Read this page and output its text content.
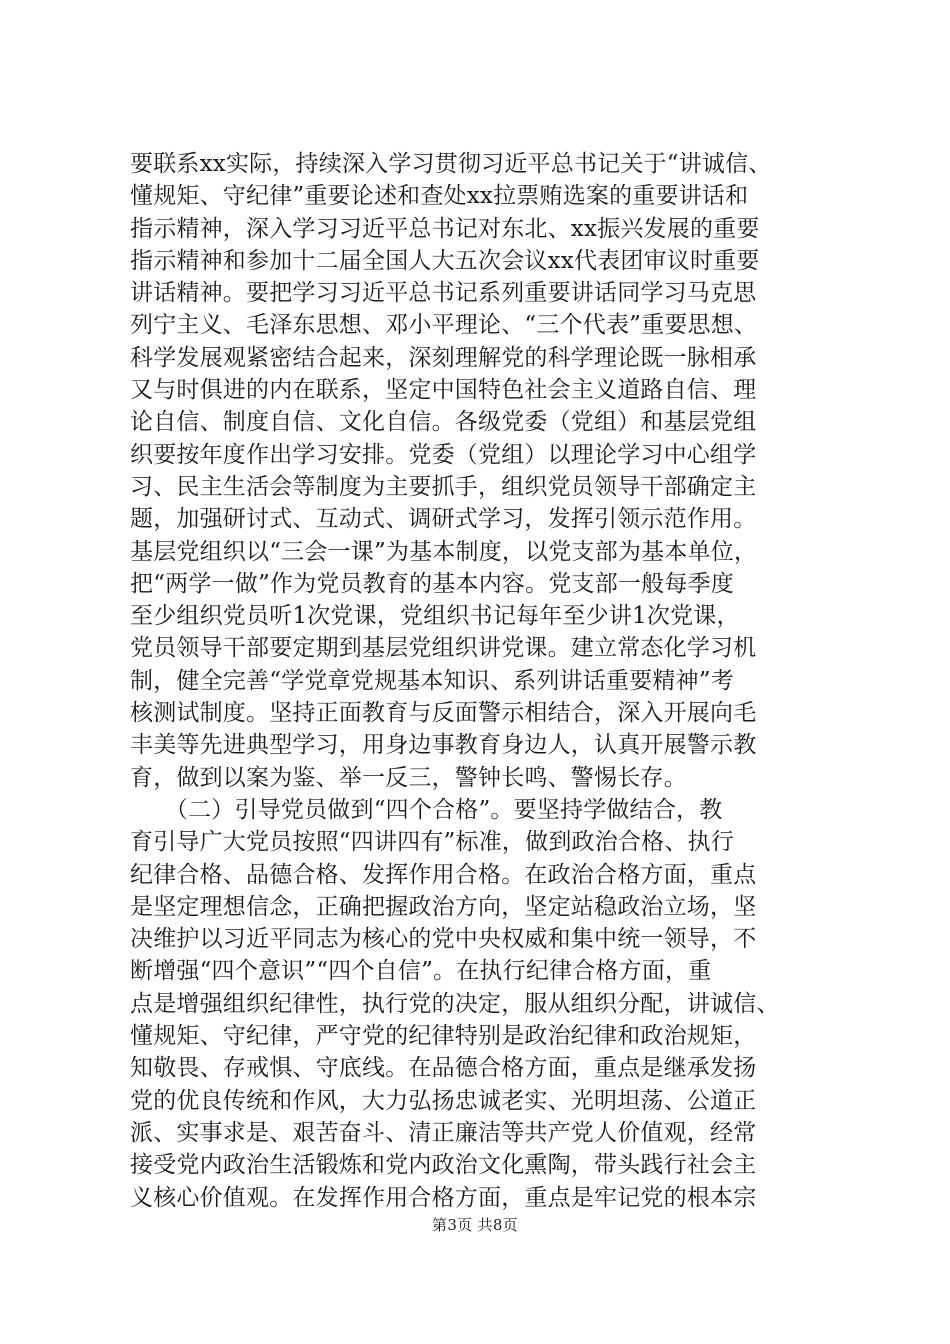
要联系xx实际，持续深入学习贯彻习近平总书记关于“讲诚信、
懂规矩、守纪律”重要论述和查处xx拉票贿选案的重要讲话和
指示精神，深入学习习近平总书记对东北、xx振兴发展的重要
指示精神和参加十二届全国人大五次会议xx代表团审议时重要
讲话精神。要把学习习近平总书记系列重要讲话同学习马克思
列宁主义、毛泽东思想、邓小平理论、“三个代表”重要思想、
科学发展观紧密结合起来，深刻理解党的科学理论既一脉相承
又与时俱进的内在联系，坚定中国特色社会主义道路自信、理
论自信、制度自信、文化自信。各级党委（党组）和基层党组
织要按年度作出学习安排。党委（党组）以理论学习中心组学
习、民主生活会等制度为主要抓手，组织党员领导干部确定主
题，加强研讨式、互动式、调研式学习，发挥引领示范作用。
基层党组织以“三会一课”为基本制度，以党支部为基本单位，
把“两学一做”作为党员教育的基本内容。党支部一般每季度
至少组织党员听1次党课，党组织书记每年至少讲1次党课，
党员领导干部要定期到基层党组织讲党课。建立常态化学习机
制，健全完善“学党章党规基本知识、系列讲话重要精神”考
核测试制度。坚持正面教育与反面警示相结合，深入开展向毛
丰美等先进典型学习，用身边事教育身边人，认真开展警示教
育，做到以案为鉴、举一反三，警钟长鸣、警惕长存。
　　（二）引导党员做到“四个合格”。要坚持学做结合，教
育引导广大党员按照“四讲四有”标准，做到政治合格、执行
纪律合格、品德合格、发挥作用合格。在政治合格方面，重点
是坚定理想信念，正确把握政治方向，坚定站稳政治立场，坚
决维护以习近平同志为核心的党中央权威和集中统一领导，不
断增强“四个意识”“四个自信”。在执行纪律合格方面，重
点是增强组织纪律性，执行党的决定，服从组织分配，讲诚信、
懂规矩、守纪律，严守党的纪律特别是政治纪律和政治规矩，
知敬畏、存戒惧、守底线。在品德合格方面，重点是继承发扬
党的优良传统和作风，大力弘扬忠诚老实、光明坦荡、公道正
派、实事求是、艰苦奋斗、清正廉洁等共产党人价值观，经常
接受党内政治生活锻炼和党内政治文化熏陶，带头践行社会主
义核心价值观。在发挥作用合格方面，重点是牢记党的根本宗
第3页 共8页
